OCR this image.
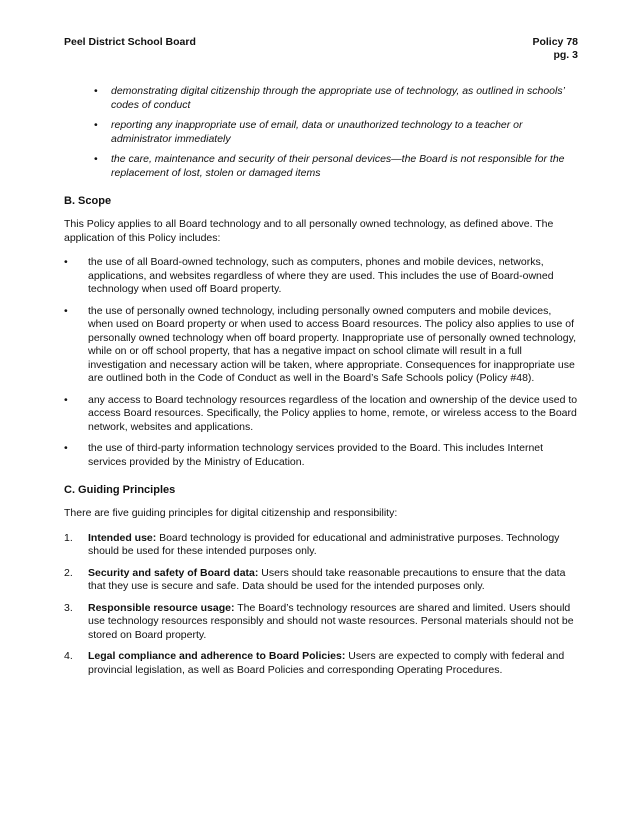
Peel District School Board	Policy 78
pg. 3
• demonstrating digital citizenship through the appropriate use of technology, as outlined in schools’ codes of conduct
• reporting any inappropriate use of email, data or unauthorized technology to a teacher or administrator immediately
• the care, maintenance and security of their personal devices—the Board is not responsible for the replacement of lost, stolen or damaged items
B. Scope

This Policy applies to all Board technology and to all personally owned technology, as defined above. The application of this Policy includes:

• the use of all Board-owned technology, such as computers, phones and mobile devices, networks, applications, and websites regardless of where they are used. This includes the use of Board-owned technology when used off Board property.
• the use of personally owned technology, including personally owned computers and mobile devices, when used on Board property or when used to access Board resources. The policy also applies to use of personally owned technology when off board property. Inappropriate use of personally owned technology, while on or off school property, that has a negative impact on school climate will result in a full investigation and necessary action will be taken, where appropriate. Consequences for inappropriate use are outlined both in the Code of Conduct as well in the Board’s Safe Schools policy (Policy #48).
• any access to Board technology resources regardless of the location and ownership of the device used to access Board resources. Specifically, the Policy applies to home, remote, or wireless access to the Board network, websites and applications.
• the use of third-party information technology services provided to the Board. This includes Internet services provided by the Ministry of Education.
C. Guiding Principles

There are five guiding principles for digital citizenship and responsibility:

1. Intended use: Board technology is provided for educational and administrative purposes. Technology should be used for these intended purposes only.
2. Security and safety of Board data: Users should take reasonable precautions to ensure that the data that they use is secure and safe. Data should be used for the intended purposes only.
3. Responsible resource usage: The Board’s technology resources are shared and limited. Users should use technology resources responsibly and should not waste resources. Personal materials should not be stored on Board property.
4. Legal compliance and adherence to Board Policies: Users are expected to comply with federal and provincial legislation, as well as Board Policies and corresponding Operating Procedures.
